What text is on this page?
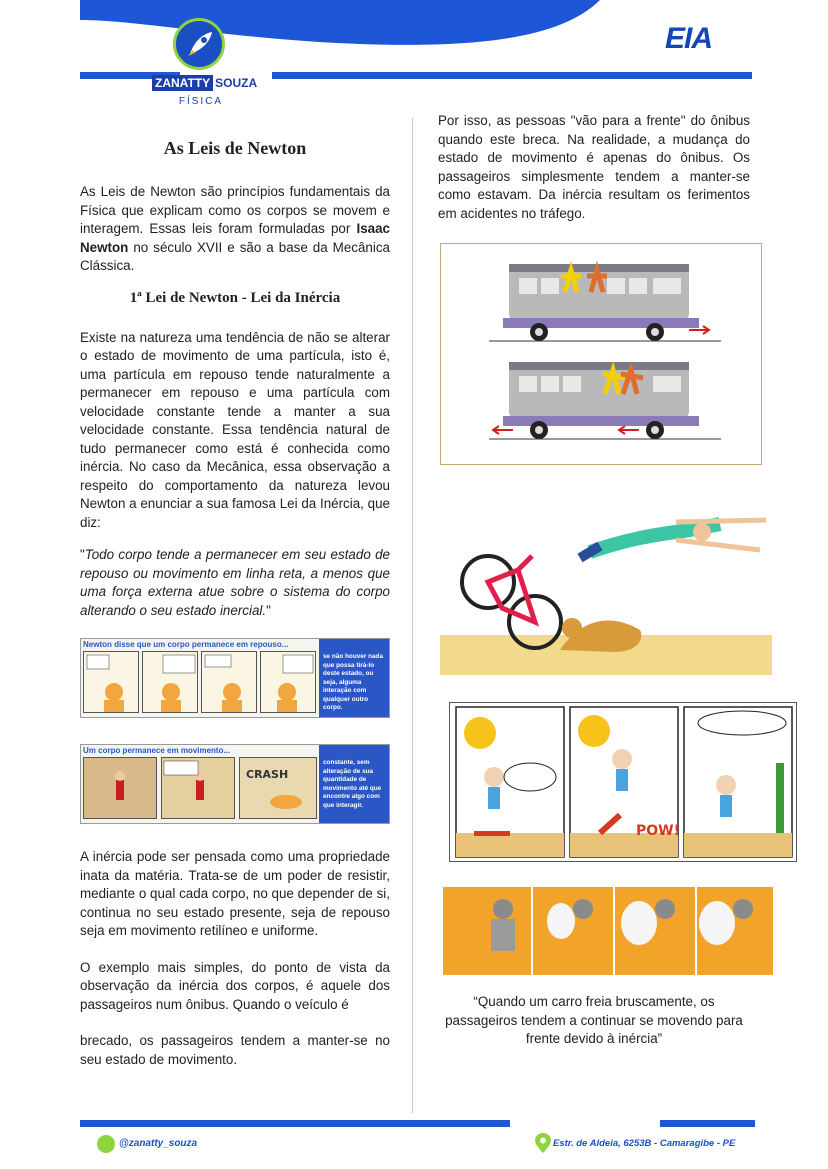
ZANATTY SOUZA
FÍSICA
EIA
As Leis de Newton

As Leis de Newton são princípios fundamentais da Física que explicam como os corpos se movem e interagem. Essas leis foram formuladas por Isaac Newton no século XVII e são a base da Mecânica Clássica.

1ª Lei de Newton - Lei da Inércia

Existe na natureza uma tendência de não se alterar o estado de movimento de uma partícula, isto é, uma partícula em repouso tende naturalmente a permanecer em repouso e uma partícula com velocidade constante tende a manter a sua velocidade constante. Essa tendência natural de tudo permanecer como está é conhecida como inércia. No caso da Mecânica, essa observação a respeito do comportamento da natureza levou Newton a enunciar a sua famosa Lei da Inércia, que diz:

"Todo corpo tende a permanecer em seu estado de repouso ou movimento em linha reta, a menos que uma força externa atue sobre o sistema do corpo alterando o seu estado inercial."

Newton disse que um corpo permanece em repouso...
se não houver nada que possa tirá-lo deste estado, ou seja, alguma interação com qualquer outro corpo.
Um corpo permanece em movimento...
CRASH
constante, sem alteração de sua quantidade de movimento até que encontre algo com que interagir.

A inércia pode ser pensada como uma propriedade inata da matéria. Trata-se de um poder de resistir, mediante o qual cada corpo, no que depender de si, continua no seu estado presente, seja de repouso seja em movimento retilíneo e uniforme.

O exemplo mais simples, do ponto de vista da observação da inércia dos corpos, é aquele dos passageiros num ônibus. Quando o veículo é

brecado, os passageiros tendem a manter-se no seu estado de movimento.

Por isso, as pessoas "vão para a frente" do ônibus quando este breca. Na realidade, a mudança do estado de movimento é apenas do ônibus. Os passageiros simplesmente tendem a manter-se como estavam. Da inércia resultam os ferimentos em acidentes no tráfego.

POW!
“Quando um carro freia bruscamente, os passageiros tendem a continuar se movendo para frente devido à inércia”
@zanatty_souza	Estr. de Aldeia, 6253B - Camaragibe - PE
